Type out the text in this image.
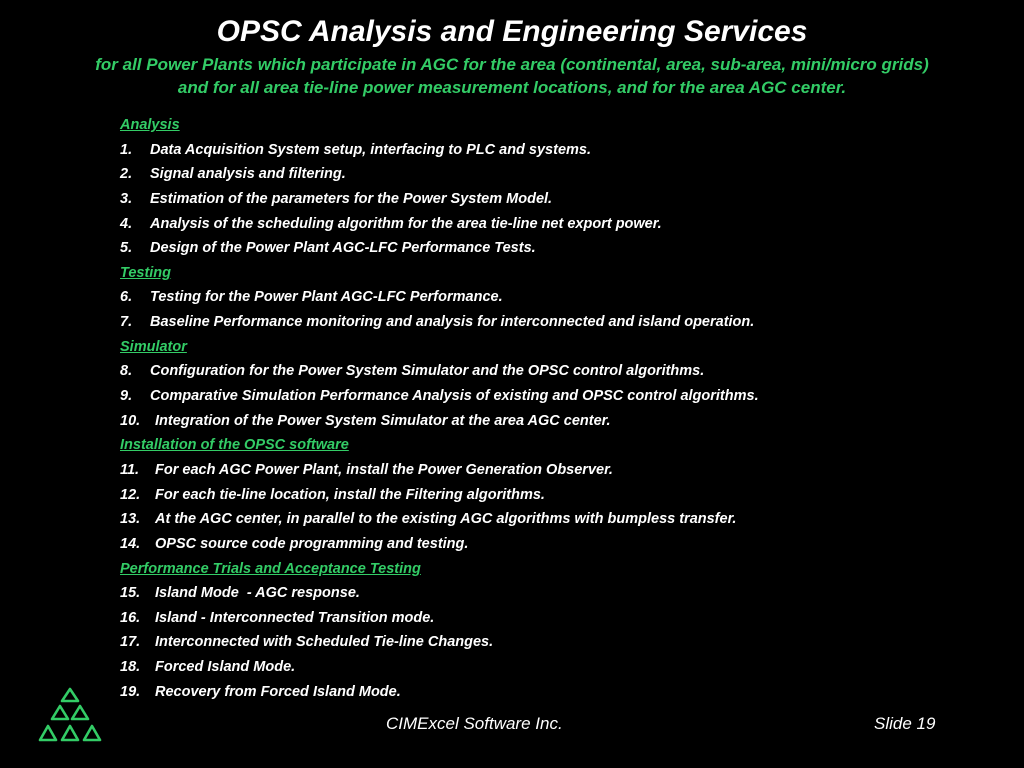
OPSC Analysis and Engineering Services
for all Power Plants which participate in AGC for the area (continental, area, sub-area, mini/micro grids)
and for all area tie-line power measurement locations, and for the area AGC center.
Analysis
1. Data Acquisition System setup, interfacing to PLC and systems.
2. Signal analysis and filtering.
3. Estimation of the parameters for the Power System Model.
4. Analysis of the scheduling algorithm for the area tie-line net export power.
5. Design of the Power Plant AGC-LFC Performance Tests.
Testing
6. Testing for the Power Plant AGC-LFC Performance.
7. Baseline Performance monitoring and analysis for interconnected and island operation.
Simulator
8. Configuration for the Power System Simulator and the OPSC control algorithms.
9. Comparative Simulation Performance Analysis of existing and OPSC control algorithms.
10. Integration of the Power System Simulator at the area AGC center.
Installation of the OPSC software
11. For each AGC Power Plant, install the Power Generation Observer.
12. For each tie-line location, install the Filtering algorithms.
13. At the AGC center, in parallel to the existing AGC algorithms with bumpless transfer.
14. OPSC source code programming and testing.
Performance Trials and Acceptance Testing
15. Island Mode  - AGC response.
16. Island - Interconnected Transition mode.
17. Interconnected with Scheduled Tie-line Changes.
18. Forced Island Mode.
19. Recovery from Forced Island Mode.
CIMExcel Software Inc.	Slide 19
